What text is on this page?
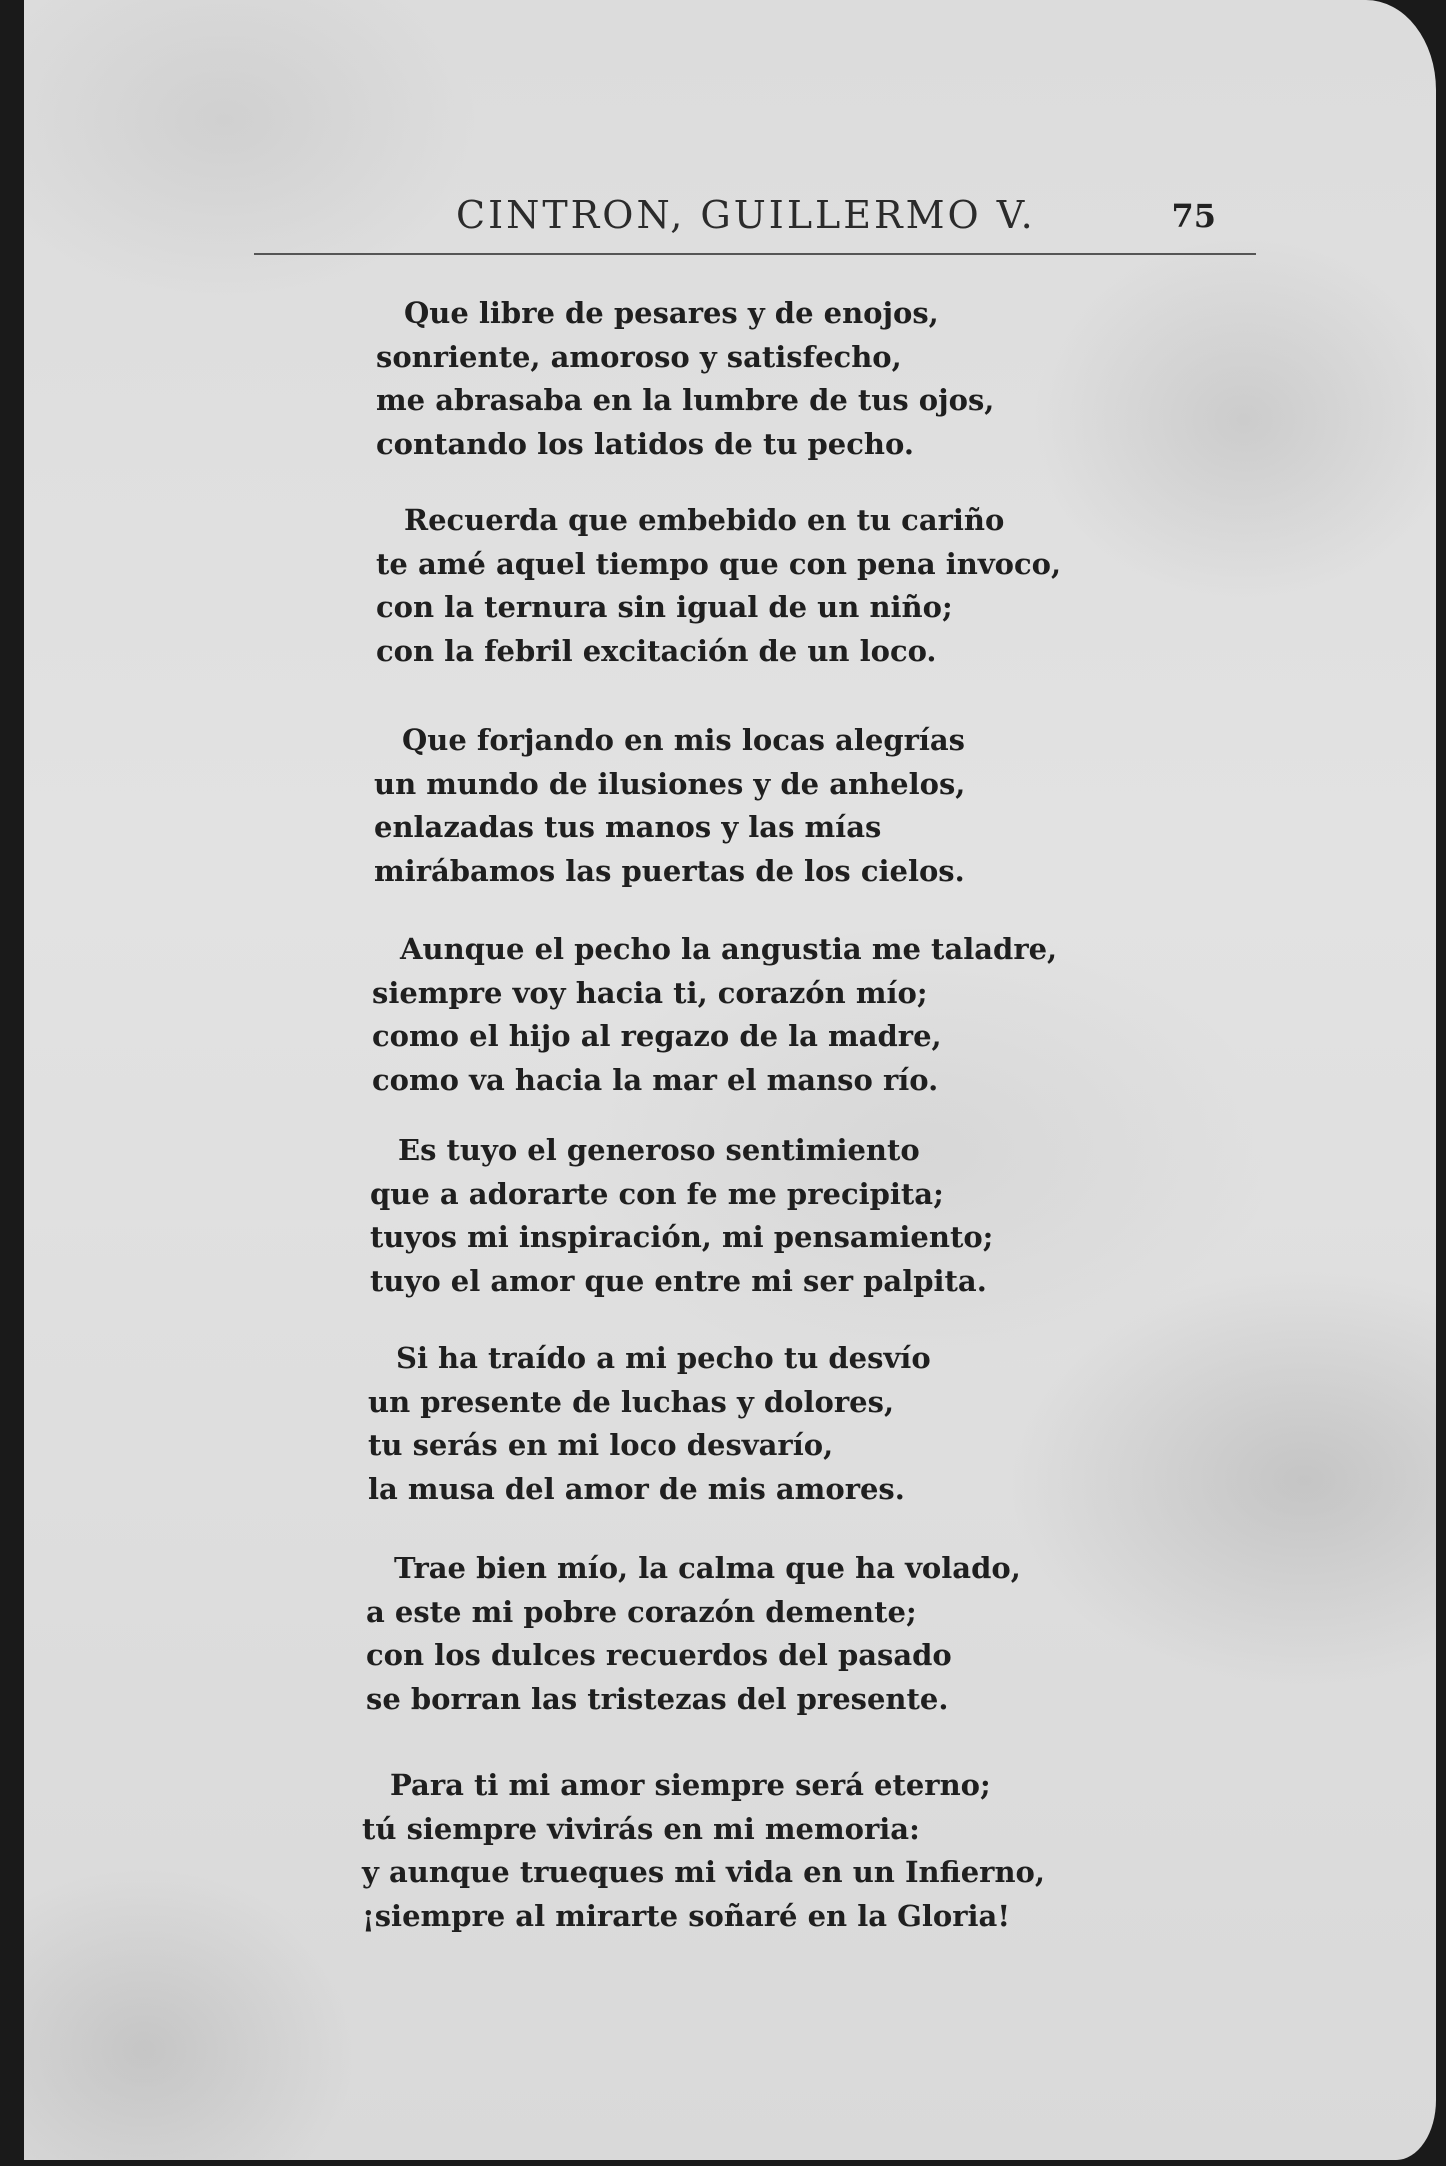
CINTRON, GUILLERMO V.	75
Que libre de pesares y de enojos,
sonriente, amoroso y satisfecho,
me abrasaba en la lumbre de tus ojos,
contando los latidos de tu pecho.
Recuerda que embebido en tu cariño
te amé aquel tiempo que con pena invoco,
con la ternura sin igual de un niño;
con la febril excitación de un loco.
Que forjando en mis locas alegrías
un mundo de ilusiones y de anhelos,
enlazadas tus manos y las mías
mirábamos las puertas de los cielos.
Aunque el pecho la angustia me taladre,
siempre voy hacia ti, corazón mío;
como el hijo al regazo de la madre,
como va hacia la mar el manso río.
Es tuyo el generoso sentimiento
que a adorarte con fe me precipita;
tuyos mi inspiración, mi pensamiento;
tuyo el amor que entre mi ser palpita.
Si ha traído a mi pecho tu desvío
un presente de luchas y dolores,
tu serás en mi loco desvarío,
la musa del amor de mis amores.
Trae bien mío, la calma que ha volado,
a este mi pobre corazón demente;
con los dulces recuerdos del pasado
se borran las tristezas del presente.
Para ti mi amor siempre será eterno;
tú siempre vivirás en mi memoria:
y aunque trueques mi vida en un Infierno,
¡siempre al mirarte soñaré en la Gloria!
